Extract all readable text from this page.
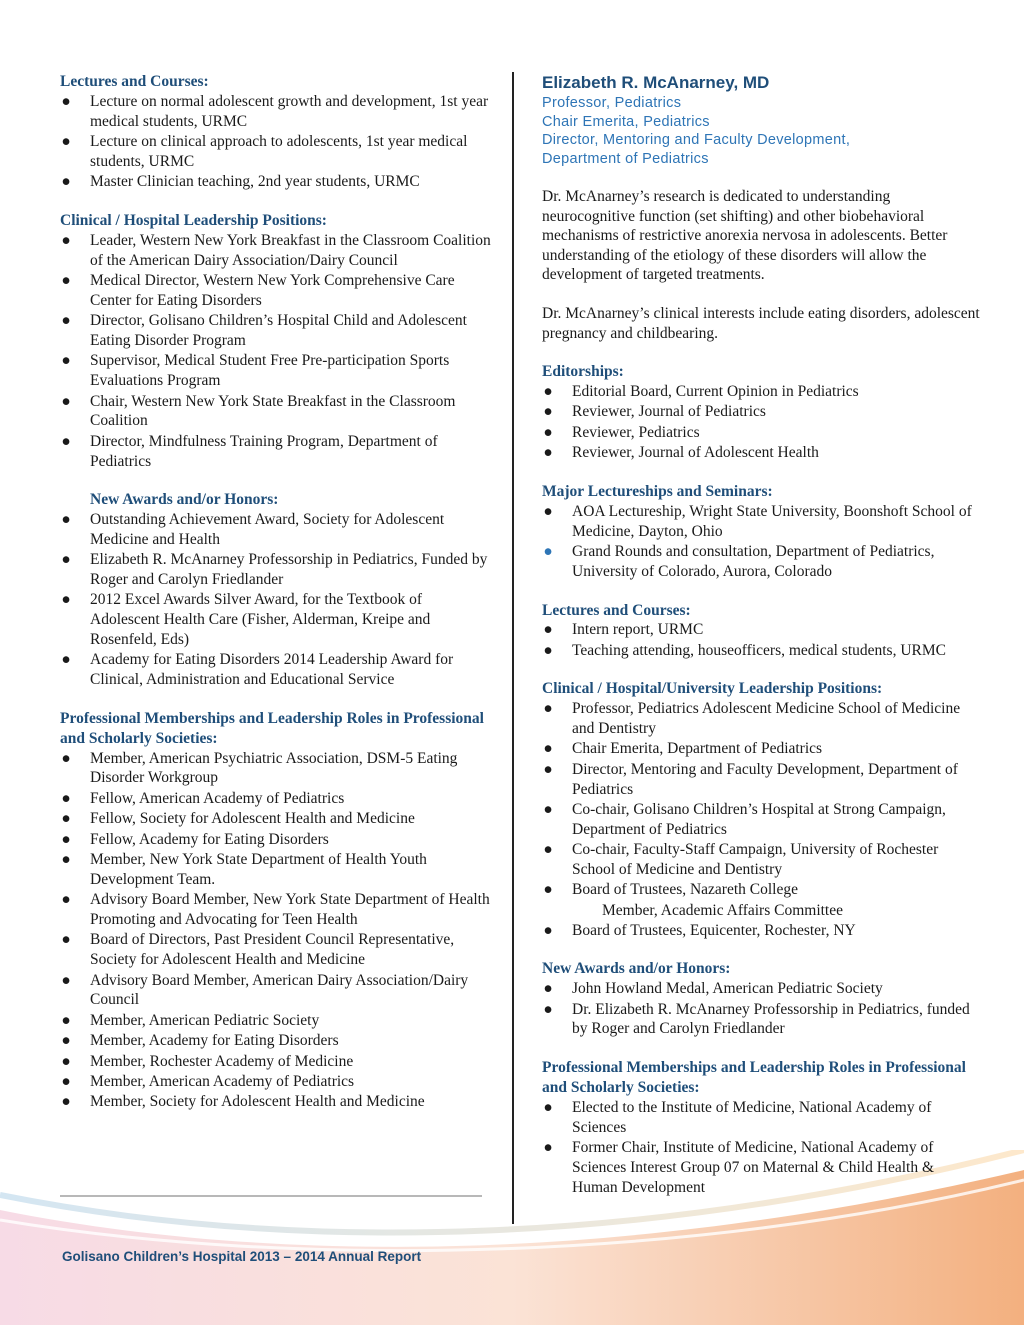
Lectures and Courses:
● Lecture on normal adolescent growth and development, 1st year medical students, URMC
● Lecture on clinical approach to adolescents, 1st year medical students, URMC
● Master Clinician teaching, 2nd year students, URMC
Clinical / Hospital Leadership Positions:
● Leader, Western New York Breakfast in the Classroom Coalition of the American Dairy Association/Dairy Council
● Medical Director, Western New York Comprehensive Care Center for Eating Disorders
● Director, Golisano Children’s Hospital Child and Adolescent Eating Disorder Program
● Supervisor, Medical Student Free Pre-participation Sports Evaluations Program
● Chair, Western New York State Breakfast in the Classroom Coalition
● Director, Mindfulness Training Program, Department of Pediatrics
New Awards and/or Honors:
● Outstanding Achievement Award, Society for Adolescent Medicine and Health
● Elizabeth R. McAnarney Professorship in Pediatrics, Funded by Roger and Carolyn Friedlander
● 2012 Excel Awards Silver Award, for the Textbook of Adolescent Health Care (Fisher, Alderman, Kreipe and Rosenfeld, Eds)
● Academy for Eating Disorders 2014 Leadership Award for Clinical, Administration and Educational Service
Professional Memberships and Leadership Roles in Professional and Scholarly Societies:
● Member, American Psychiatric Association, DSM-5 Eating Disorder Workgroup
● Fellow, American Academy of Pediatrics
● Fellow, Society for Adolescent Health and Medicine
● Fellow, Academy for Eating Disorders
● Member, New York State Department of Health Youth Development Team.
● Advisory Board Member, New York State Department of Health Promoting and Advocating for Teen Health
● Board of Directors, Past President Council Representative, Society for Adolescent Health and Medicine
● Advisory Board Member, American Dairy Association/Dairy Council
● Member, American Pediatric Society
● Member, Academy for Eating Disorders
● Member, Rochester Academy of Medicine
● Member, American Academy of Pediatrics
● Member, Society for Adolescent Health and Medicine
Elizabeth R. McAnarney, MD
Professor, Pediatrics
Chair Emerita, Pediatrics
Director, Mentoring and Faculty Development,
Department of Pediatrics
Dr. McAnarney’s research is dedicated to understanding neurocognitive function (set shifting) and other biobehavioral mechanisms of restrictive anorexia nervosa in adolescents. Better understanding of the etiology of these disorders will allow the development of targeted treatments.
Dr. McAnarney’s clinical interests include eating disorders, adolescent pregnancy and childbearing.
Editorships:
● Editorial Board, Current Opinion in Pediatrics
● Reviewer, Journal of Pediatrics
● Reviewer, Pediatrics
● Reviewer, Journal of Adolescent Health
Major Lectureships and Seminars:
● AOA Lectureship, Wright State University, Boonshoft School of Medicine, Dayton, Ohio
● Grand Rounds and consultation, Department of Pediatrics, University of Colorado, Aurora, Colorado
Lectures and Courses:
● Intern report, URMC
● Teaching attending, houseofficers, medical students, URMC
Clinical / Hospital/University Leadership Positions:
● Professor, Pediatrics Adolescent Medicine School of Medicine and Dentistry
● Chair Emerita, Department of Pediatrics
● Director, Mentoring and Faculty Development, Department of Pediatrics
● Co-chair, Golisano Children’s Hospital at Strong Campaign, Department of Pediatrics
● Co-chair, Faculty-Staff Campaign, University of Rochester School of Medicine and Dentistry
● Board of Trustees, Nazareth College
Member, Academic Affairs Committee
● Board of Trustees, Equicenter, Rochester, NY
New Awards and/or Honors:
● John Howland Medal, American Pediatric Society
● Dr. Elizabeth R. McAnarney Professorship in Pediatrics, funded by Roger and Carolyn Friedlander
Professional Memberships and Leadership Roles in Professional and Scholarly Societies:
● Elected to the Institute of Medicine, National Academy of Sciences
● Former Chair, Institute of Medicine, National Academy of Sciences Interest Group 07 on Maternal & Child Health & Human Development
Golisano Children’s Hospital 2013 – 2014 Annual Report
